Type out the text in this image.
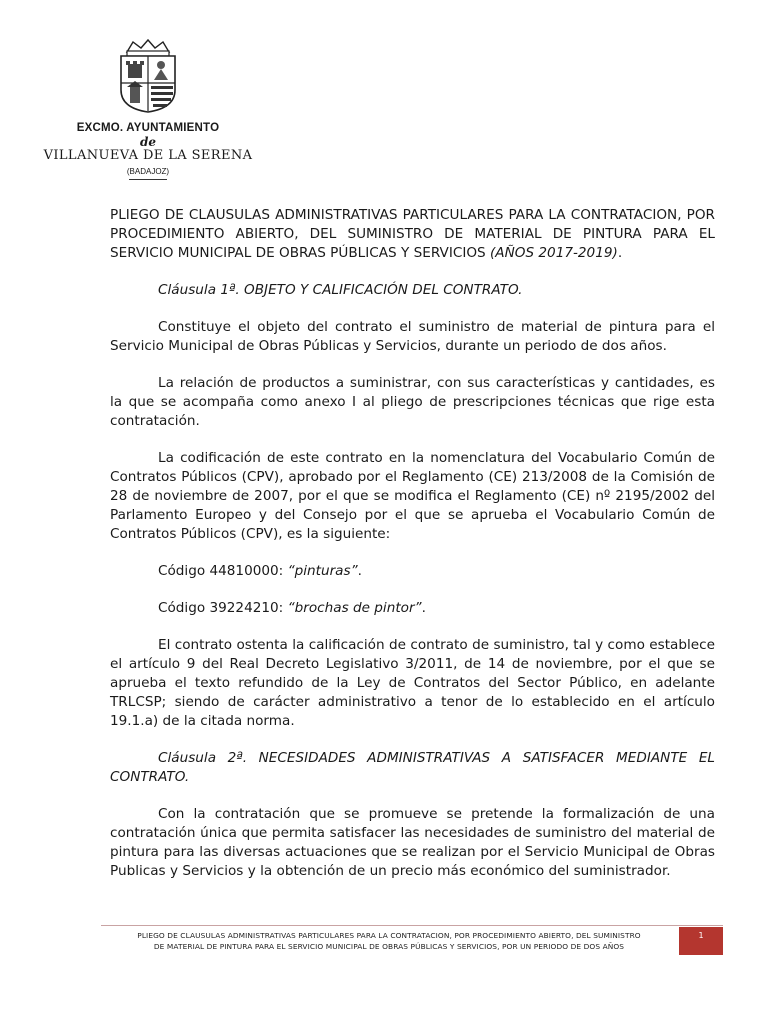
EXCMO. AYUNTAMIENTO
de
VILLANUEVA DE LA SERENA
(BADAJOZ)

PLIEGO DE CLAUSULAS ADMINISTRATIVAS PARTICULARES PARA LA CONTRATACION, POR PROCEDIMIENTO ABIERTO, DEL SUMINISTRO DE MATERIAL DE PINTURA PARA EL SERVICIO MUNICIPAL DE OBRAS PÚBLICAS Y SERVICIOS (AÑOS 2017-2019).

Cláusula 1ª. OBJETO Y CALIFICACIÓN DEL CONTRATO.

Constituye el objeto del contrato el suministro de material de pintura para el Servicio Municipal de Obras Públicas y Servicios, durante un periodo de dos años.

La relación de productos a suministrar, con sus características y cantidades, es la que se acompaña como anexo I al pliego de prescripciones técnicas que rige esta contratación.

La codificación de este contrato en la nomenclatura del Vocabulario Común de Contratos Públicos (CPV), aprobado por el Reglamento (CE) 213/2008 de la Comisión de 28 de noviembre de 2007, por el que se modifica el Reglamento (CE) nº 2195/2002 del Parlamento Europeo y del Consejo por el que se aprueba el Vocabulario Común de Contratos Públicos (CPV), es la siguiente:

Código 44810000: “pinturas”.

Código 39224210: “brochas de pintor”.

El contrato ostenta la calificación de contrato de suministro, tal y como establece el artículo 9 del Real Decreto Legislativo 3/2011, de 14 de noviembre, por el que se aprueba el texto refundido de la Ley de Contratos del Sector Público, en adelante TRLCSP; siendo de carácter administrativo a tenor de lo establecido en el artículo 19.1.a) de la citada norma.

Cláusula 2ª. NECESIDADES ADMINISTRATIVAS A SATISFACER MEDIANTE EL CONTRATO.

Con la contratación que se promueve se pretende la formalización de una contratación única que permita satisfacer las necesidades de suministro del material de pintura para las diversas actuaciones que se realizan por el Servicio Municipal de Obras Publicas y Servicios y la obtención de un precio más económico del suministrador.

PLIEGO DE CLAUSULAS ADMINISTRATIVAS PARTICULARES PARA LA CONTRATACION, POR PROCEDIMIENTO ABIERTO, DEL SUMINISTRO
DE MATERIAL DE PINTURA PARA EL SERVICIO MUNICIPAL DE OBRAS PÚBLICAS Y SERVICIOS, POR UN PERIODO DE DOS AÑOS
1
